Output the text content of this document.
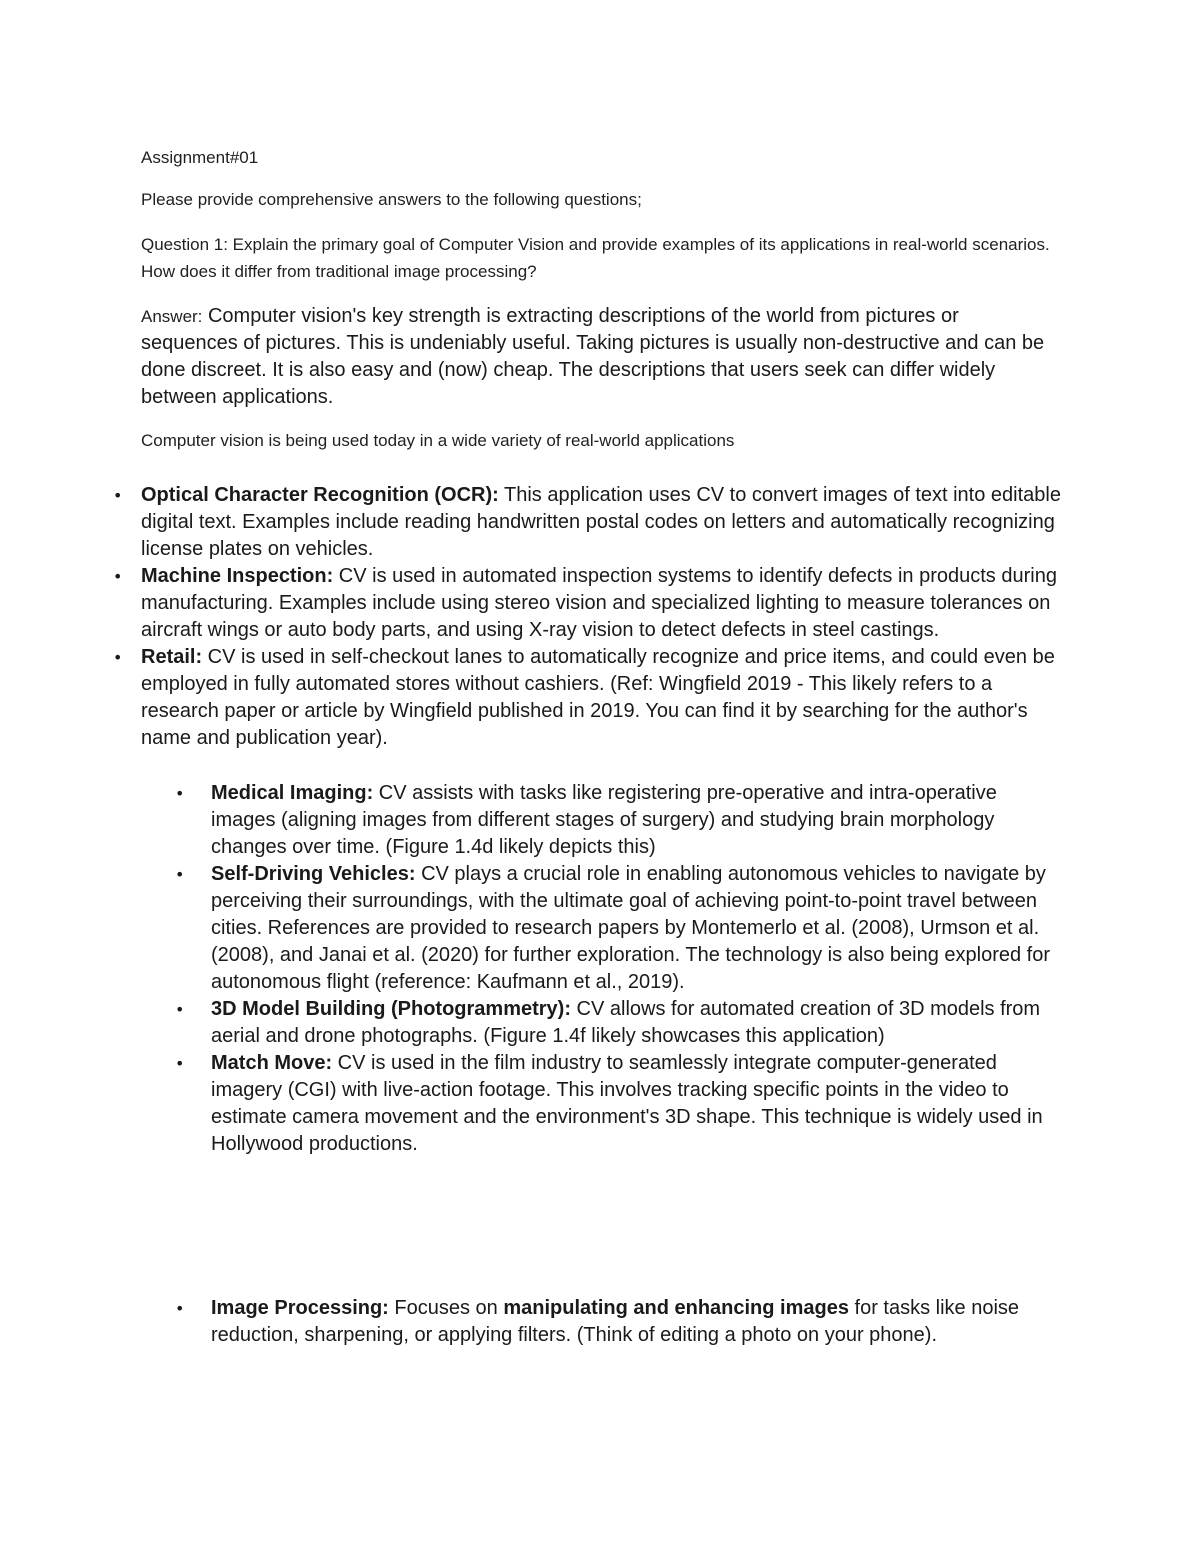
Assignment#01

Please provide comprehensive answers to the following questions;

Question 1: Explain the primary goal of Computer Vision and provide examples of its applications in real-world scenarios. How does it differ from traditional image processing?

Answer: Computer vision's key strength is extracting descriptions of the world from pictures or sequences of pictures. This is undeniably useful. Taking pictures is usually non-destructive and can be done discreet. It is also easy and (now) cheap. The descriptions that users seek can differ widely between applications.

Computer vision is being used today in a wide variety of real-world applications

• Optical Character Recognition (OCR): This application uses CV to convert images of text into editable digital text. Examples include reading handwritten postal codes on letters and automatically recognizing license plates on vehicles.
• Machine Inspection: CV is used in automated inspection systems to identify defects in products during manufacturing. Examples include using stereo vision and specialized lighting to measure tolerances on aircraft wings or auto body parts, and using X-ray vision to detect defects in steel castings.
• Retail: CV is used in self-checkout lanes to automatically recognize and price items, and could even be employed in fully automated stores without cashiers. (Ref: Wingfield 2019 - This likely refers to a research paper or article by Wingfield published in 2019. You can find it by searching for the author's name and publication year).
• Medical Imaging: CV assists with tasks like registering pre-operative and intra-operative images (aligning images from different stages of surgery) and studying brain morphology changes over time. (Figure 1.4d likely depicts this)
• Self-Driving Vehicles: CV plays a crucial role in enabling autonomous vehicles to navigate by perceiving their surroundings, with the ultimate goal of achieving point-to-point travel between cities. References are provided to research papers by Montemerlo et al. (2008), Urmson et al. (2008), and Janai et al. (2020) for further exploration. The technology is also being explored for autonomous flight (reference: Kaufmann et al., 2019).
• 3D Model Building (Photogrammetry): CV allows for automated creation of 3D models from aerial and drone photographs. (Figure 1.4f likely showcases this application)
• Match Move: CV is used in the film industry to seamlessly integrate computer-generated imagery (CGI) with live-action footage. This involves tracking specific points in the video to estimate camera movement and the environment's 3D shape. This technique is widely used in Hollywood productions.
• Image Processing: Focuses on manipulating and enhancing images for tasks like noise reduction, sharpening, or applying filters. (Think of editing a photo on your phone).
